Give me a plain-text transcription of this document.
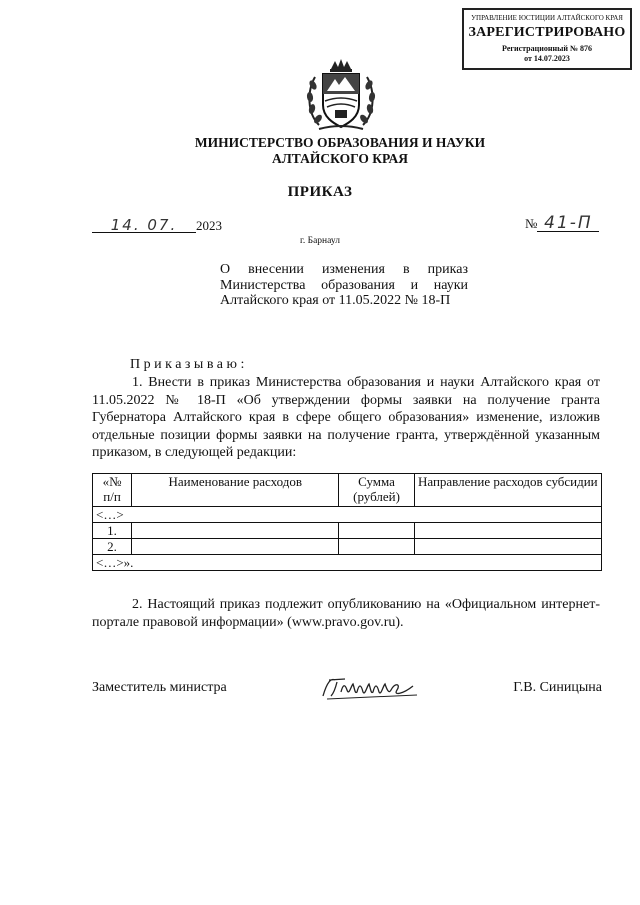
УПРАВЛЕНИЕ ЮСТИЦИИ АЛТАЙСКОГО КРАЯ
ЗАРЕГИСТРИРОВАНО
Регистрационный № 876
от 14.07.2023
МИНИСТЕРСТВО ОБРАЗОВАНИЯ И НАУКИ АЛТАЙСКОГО КРАЯ
ПРИКАЗ
14. 07. 2023	№ 41-П
г. Барнаул
О внесении изменения в приказ Министерства образования и науки Алтайского края от 11.05.2022 № 18-П
Приказываю:
1. Внести в приказ Министерства образования и науки Алтайского края от 11.05.2022 № 18-П «Об утверждении формы заявки на получение гранта Губернатора Алтайского края в сфере общего образования» изменение, изложив отдельные позиции формы заявки на получение гранта, утверждённой указанным приказом, в следующей редакции:
«№ п/п	Наименование расходов	Сумма (рублей)	Направление расходов субсидии
<…>			
1.			
2.			
<…>».			
2. Настоящий приказ подлежит опубликованию на «Официальном интернет-портале правовой информации» (www.pravo.gov.ru).
Заместитель министра	Г.В. Синицына
